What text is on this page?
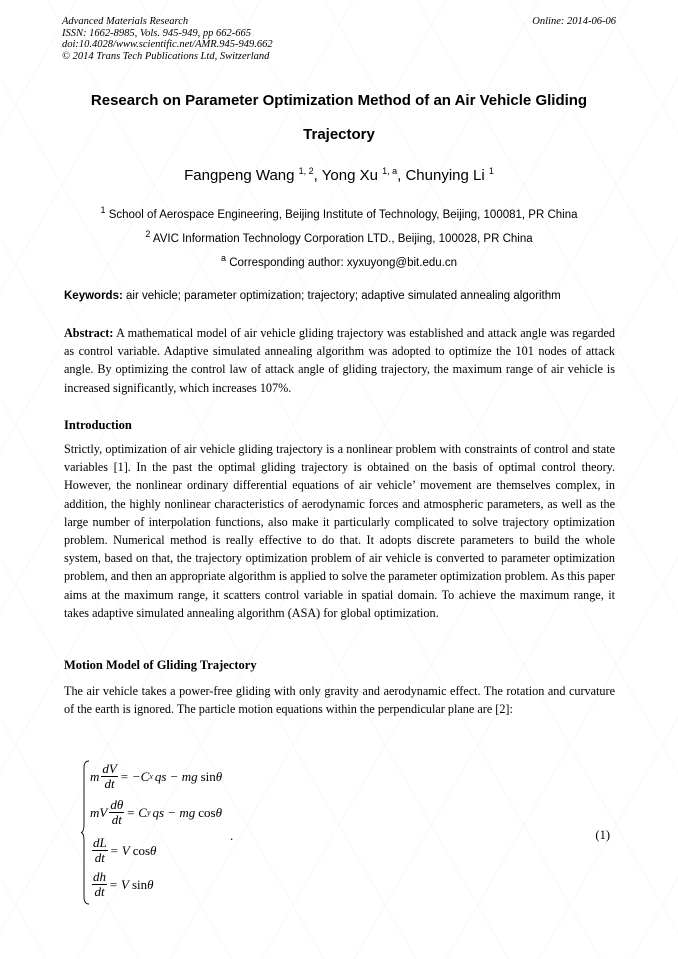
Advanced Materials Research
ISSN: 1662-8985, Vols. 945-949, pp 662-665
doi:10.4028/www.scientific.net/AMR.945-949.662
© 2014 Trans Tech Publications Ltd, Switzerland
Online: 2014-06-06
Research on Parameter Optimization Method of an Air Vehicle Gliding
Trajectory
Fangpeng Wang $^{1, 2}$, Yong Xu $^{1, a}$, Chunying Li $^1$
$^1$ School of Aerospace Engineering, Beijing Institute of Technology, Beijing, 100081, PR China
$^2$ AVIC Information Technology Corporation LTD., Beijing, 100028, PR China
$^a$ Corresponding author: xyxuyong@bit.edu.cn
Keywords: air vehicle; parameter optimization; trajectory; adaptive simulated annealing algorithm
Abstract: A mathematical model of air vehicle gliding trajectory was established and attack angle was regarded as control variable. Adaptive simulated annealing algorithm was adopted to optimize the 101 nodes of attack angle. By optimizing the control law of attack angle of gliding trajectory, the maximum range of air vehicle is increased significantly, which increases 107%.
Introduction
Strictly, optimization of air vehicle gliding trajectory is a nonlinear problem with constraints of control and state variables [1]. In the past the optimal gliding trajectory is obtained on the basis of optimal control theory. However, the nonlinear ordinary differential equations of air vehicle’ movement are themselves complex, in addition, the highly nonlinear characteristics of aerodynamic forces and atmospheric parameters, as well as the large number of interpolation functions, also make it particularly complicated to solve trajectory optimization problem. Numerical method is really effective to do that. It adopts discrete parameters to build the whole system, based on that, the trajectory optimization problem of air vehicle is converted to parameter optimization problem, and then an appropriate algorithm is applied to solve the parameter optimization problem. As this paper aims at the maximum range, it scatters control variable in spatial domain. To achieve the maximum range, it takes adaptive simulated annealing algorithm (ASA) for global optimization.
Motion Model of Gliding Trajectory
The air vehicle takes a power-free gliding with only gravity and aerodynamic effect. The rotation and curvature of the earth is ignored. The particle motion equations within the perpendicular plane are [2]:
m $\frac{dV}{dt} = -C$ x qs − mg sin θ
mV $\frac{d\theta}{dt} = C$ y qs − mg cos θ
$\frac{dL}{dt} = V$ cos θ
$\frac{dh}{dt} = V$ sin θ
.	(1)
